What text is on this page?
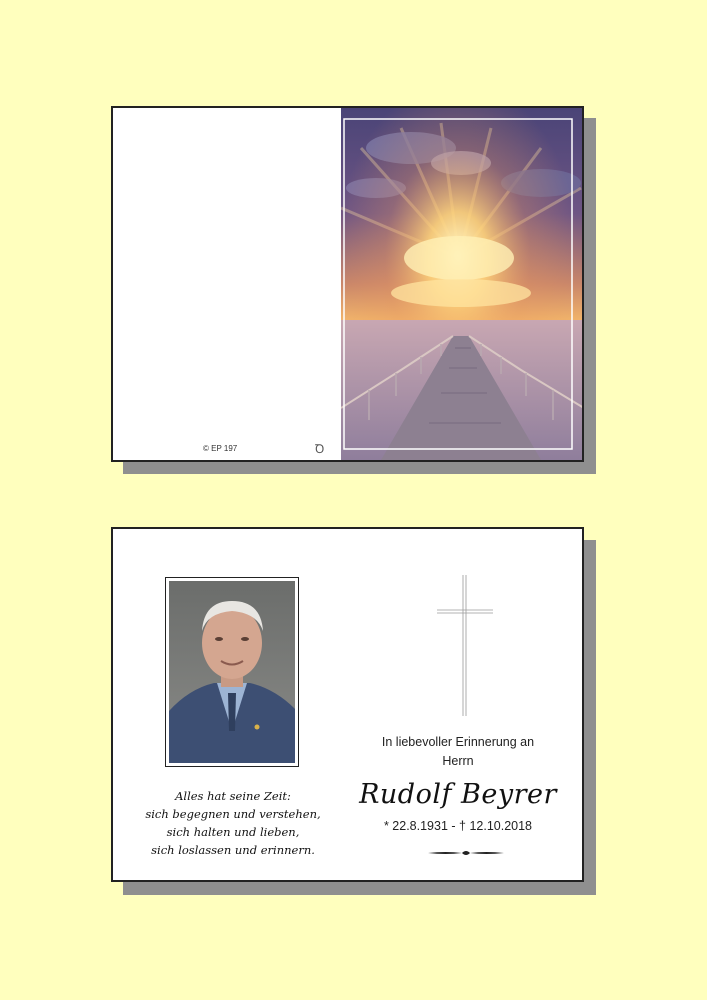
© EP 197	Ꝺ
Alles hat seine Zeit:
sich begegnen und verstehen,
sich halten und lieben,
sich loslassen und erinnern.
In liebevoller Erinnerung an
Herrn
Rudolf Beyrer
* 22.8.1931 - † 12.10.2018
